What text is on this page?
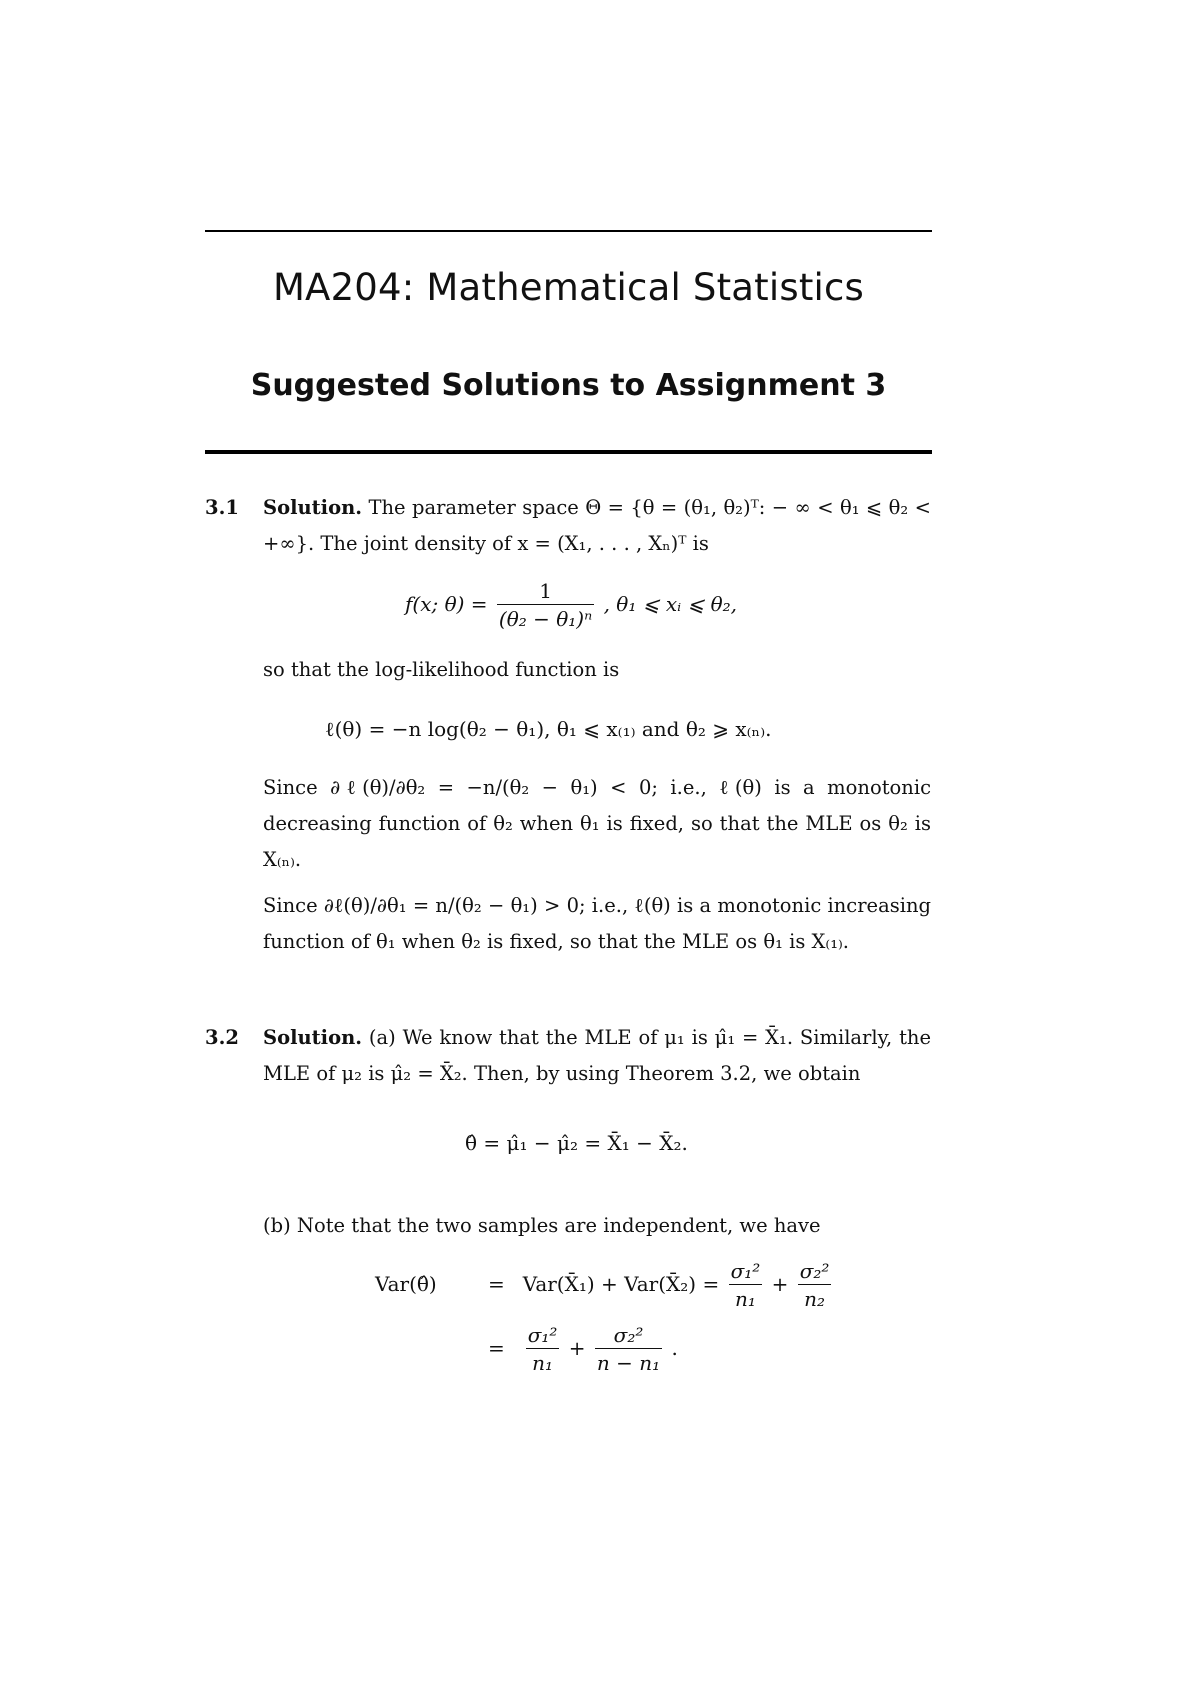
MA204: Mathematical Statistics
Suggested Solutions to Assignment 3
3.1 Solution. The parameter space Θ = {θ = (θ₁, θ₂)ᵀ: − ∞ < θ₁ ⩽ θ₂ < +∞}. The joint density of x = (X₁, . . . , Xₙ)ᵀ is
f(x; $\theta) = \frac{1}{\text{(θ₂ − θ₁)ⁿ}}$ , θ₁ ⩽ xᵢ ⩽ θ₂,
so that the log-likelihood function is
ℓ(θ) = −n log(θ₂ − θ₁), θ₁ ⩽ x₍₁₎ and θ₂ ⩾ x₍ₙ₎.
Since ∂ℓ(θ)/∂θ₂ = −n/(θ₂ − θ₁) < 0; i.e., ℓ(θ) is a monotonic decreasing function of θ₂ when θ₁ is fixed, so that the MLE os θ₂ is X₍ₙ₎.
Since ∂ℓ(θ)/∂θ₁ = n/(θ₂ − θ₁) > 0; i.e., ℓ(θ) is a monotonic increasing function of θ₁ when θ₂ is fixed, so that the MLE os θ₁ is X₍₁₎.
3.2 Solution. (a) We know that the MLE of μ₁ is μ̂₁ = X̄₁. Similarly, the MLE of μ₂ is μ̂₂ = X̄₂. Then, by using Theorem 3.2, we obtain
θ̂ = μ̂₁ − μ̂₂ = X̄₁ − X̄₂.
(b) Note that the two samples are independent, we have
Var(θ̂)	= Var(X̄₁) + Var(X̄₂) = $\frac{\text{σ₁²}}{\text{n₁}} + \frac{\text{σ₂²}}{\text{n₂}}$
= $\frac{\text{σ₁²}}{\text{n₁}} + \frac{\text{σ₂²}}{\text{n − n₁}}$ .
